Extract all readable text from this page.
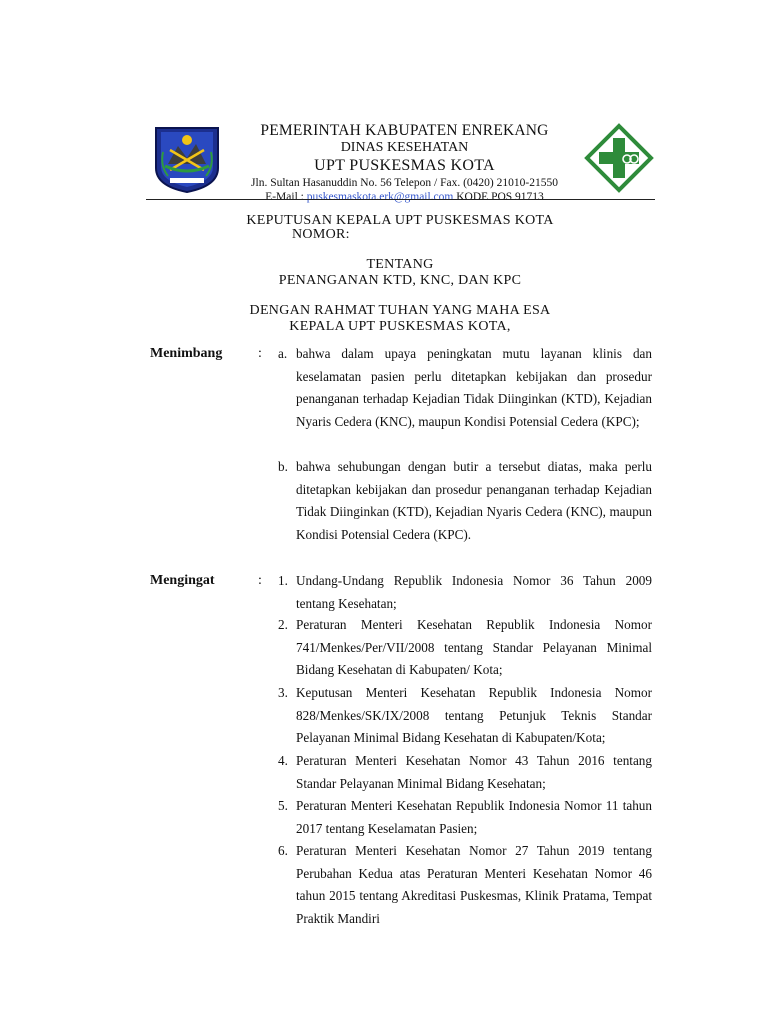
PEMERINTAH KABUPATEN ENREKANG
DINAS KESEHATAN
UPT PUSKESMAS KOTA
Jln. Sultan Hasanuddin No. 56 Telepon / Fax. (0420) 21010-21550
E-Mail : puskesmaskota.erk@gmail.com KODE POS 91713
KEPUTUSAN KEPALA UPT PUSKESMAS KOTA
NOMOR:
TENTANG
PENANGANAN KTD, KNC, DAN KPC
DENGAN RAHMAT TUHAN YANG MAHA ESA
KEPALA UPT PUSKESMAS KOTA,
Menimbang	: a. bahwa dalam upaya peningkatan mutu layanan klinis dan keselamatan pasien perlu ditetapkan kebijakan dan prosedur penanganan terhadap Kejadian Tidak Diinginkan (KTD), Kejadian Nyaris Cedera (KNC), maupun Kondisi Potensial Cedera (KPC);
b. bahwa sehubungan dengan butir a tersebut diatas, maka perlu ditetapkan kebijakan dan prosedur penanganan terhadap Kejadian Tidak Diinginkan (KTD), Kejadian Nyaris Cedera (KNC), maupun Kondisi Potensial Cedera (KPC).
Mengingat	: 1. Undang-Undang Republik Indonesia Nomor 36 Tahun 2009 tentang Kesehatan;
2. Peraturan Menteri Kesehatan Republik Indonesia Nomor 741/Menkes/Per/VII/2008 tentang Standar Pelayanan Minimal Bidang Kesehatan di Kabupaten/ Kota;
3. Keputusan Menteri Kesehatan Republik Indonesia Nomor 828/Menkes/SK/IX/2008 tentang Petunjuk Teknis Standar Pelayanan Minimal Bidang Kesehatan di Kabupaten/Kota;
4. Peraturan Menteri Kesehatan Nomor 43 Tahun 2016 tentang Standar Pelayanan Minimal Bidang Kesehatan;
5. Peraturan Menteri Kesehatan Republik Indonesia Nomor 11 tahun 2017 tentang Keselamatan Pasien;
6. Peraturan Menteri Kesehatan Nomor 27 Tahun 2019 tentang Perubahan Kedua atas Peraturan Menteri Kesehatan Nomor 46 tahun 2015 tentang Akreditasi Puskesmas, Klinik Pratama, Tempat Praktik Mandiri
